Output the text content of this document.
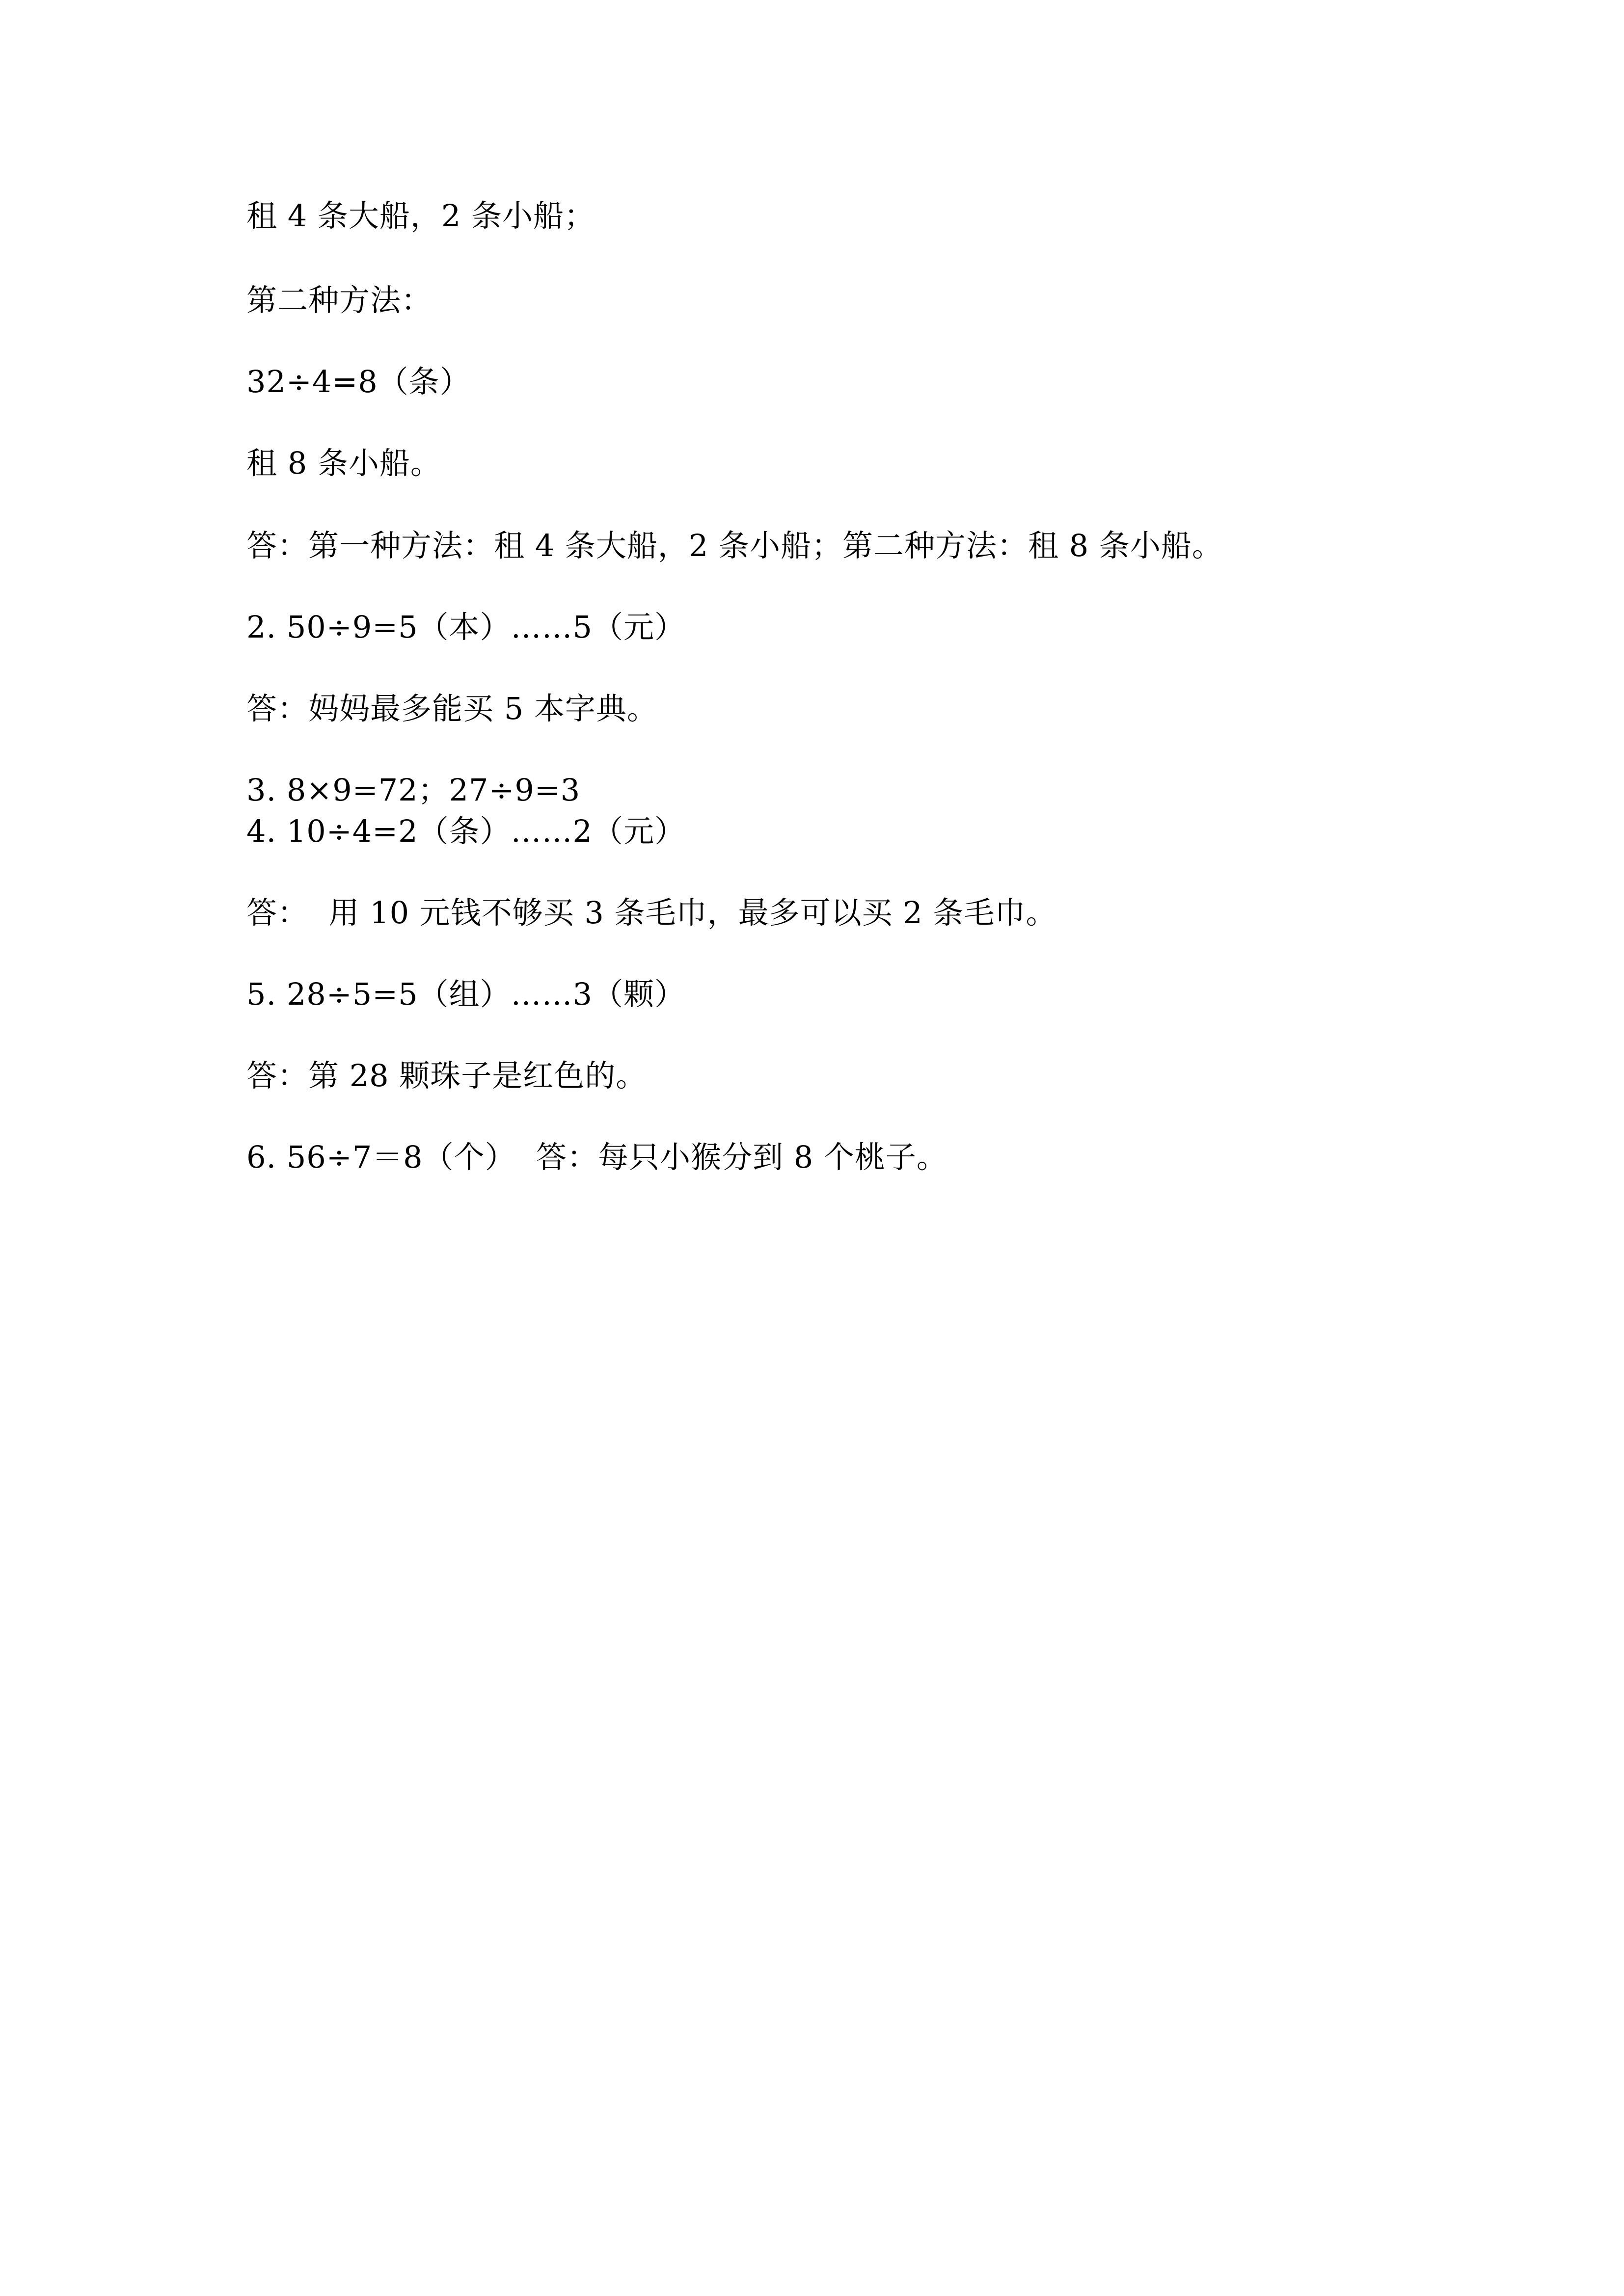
租 4 条大船，2 条小船；
第二种方法：
32÷4=8（条）
租 8 条小船。
答：第一种方法：租 4 条大船，2 条小船；第二种方法：租 8 条小船。
2. 50÷9=5（本）……5（元）
答：妈妈最多能买 5 本字典。
3. 8×9=72；27÷9=3
4. 10÷4=2（条）……2（元）
答：  用 10 元钱不够买 3 条毛巾，最多可以买 2 条毛巾。
5. 28÷5=5（组）……3（颗）
答：第 28 颗珠子是红色的。
6. 56÷7＝8（个）  答：每只小猴分到 8 个桃子。
